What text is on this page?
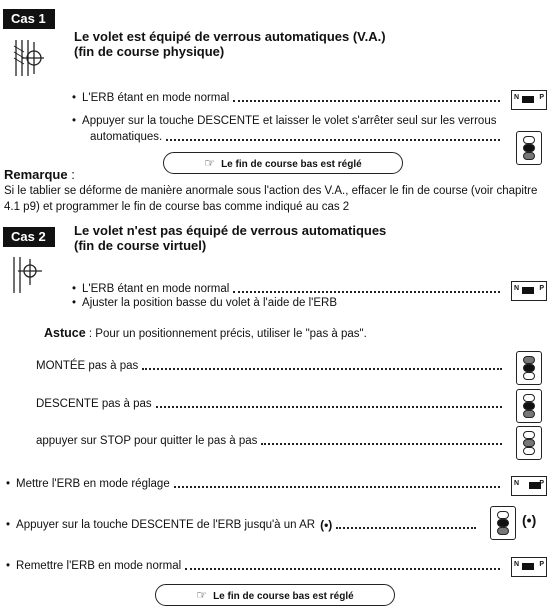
Cas 1
Le volet est équipé de verrous automatiques (V.A.)
(fin de course physique)
• L'ERB étant en mode normal	N	P
• Appuyer sur la touche DESCENTE et laisser le volet s'arrêter seul sur les verrous
automatiques.
☞ Le fin de course bas est réglé
Remarque :
Si le tablier se déforme de manière anormale sous l'action des V.A., effacer le fin de course (voir chapitre 4.1 p9) et programmer le fin de course bas comme indiqué au cas 2
Cas 2	Le volet n'est pas équipé de verrous automatiques
(fin de course virtuel)
• L'ERB étant en mode normal	N	P
• Ajuster la position basse du volet à l'aide de l'ERB
Astuce : Pour un positionnement précis, utiliser le "pas à pas".
MONTÉE pas à pas
DESCENTE pas à pas
appuyer sur STOP pour quitter le pas à pas
• Mettre l'ERB en mode réglage	N	P
• Appuyer sur la touche DESCENTE de l'ERB jusqu'à un AR (•)	(•)
• Remettre l'ERB en mode normal	N	P
☞ Le fin de course bas est réglé
